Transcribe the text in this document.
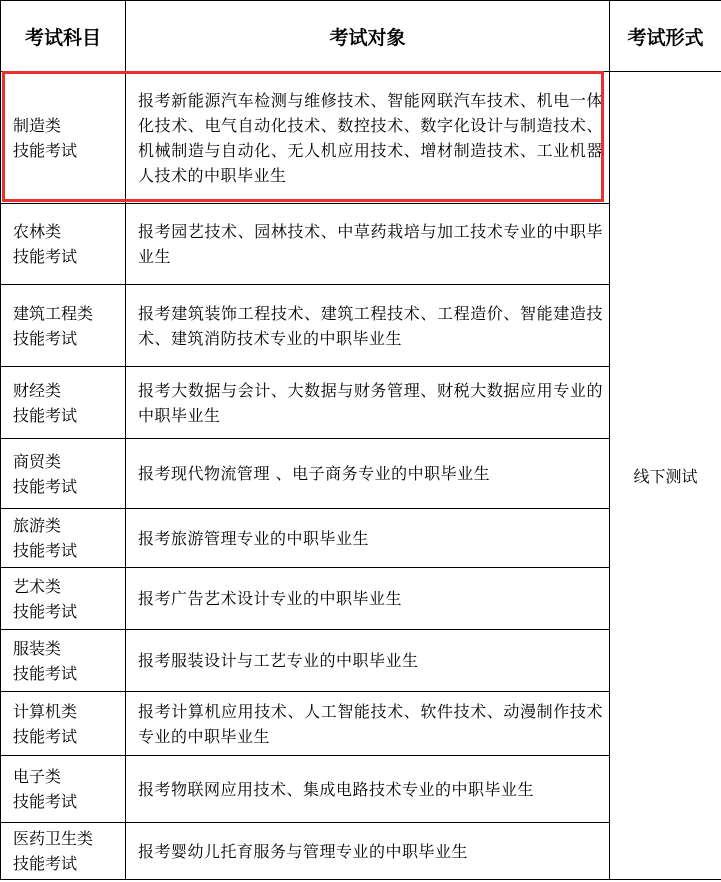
考试科目	考试对象	考试形式

制造类
技能考试	报考新能源汽车检测与维修技术、智能网联汽车技术、机电一体化技术、电气自动化技术、数控技术、数字化设计与制造技术、机械制造与自动化、无人机应用技术、增材制造技术、工业机器人技术的中职毕业生	线下测试

农林类
技能考试	报考园艺技术、园林技术、中草药栽培与加工技术专业的中职毕业生	

建筑工程类
技能考试	报考建筑装饰工程技术、建筑工程技术、工程造价、智能建造技术、建筑消防技术专业的中职毕业生	

财经类
技能考试	报考大数据与会计、大数据与财务管理、财税大数据应用专业的中职毕业生	

商贸类
技能考试	报考现代物流管理 、电子商务专业的中职毕业生	

旅游类
技能考试	报考旅游管理专业的中职毕业生	

艺术类
技能考试	报考广告艺术设计专业的中职毕业生	

服装类
技能考试	报考服装设计与工艺专业的中职毕业生	

计算机类
技能考试	报考计算机应用技术、人工智能技术、软件技术、动漫制作技术专业的中职毕业生	

电子类
技能考试	报考物联网应用技术、集成电路技术专业的中职毕业生	

医药卫生类
技能考试	报考婴幼儿托育服务与管理专业的中职毕业生	
